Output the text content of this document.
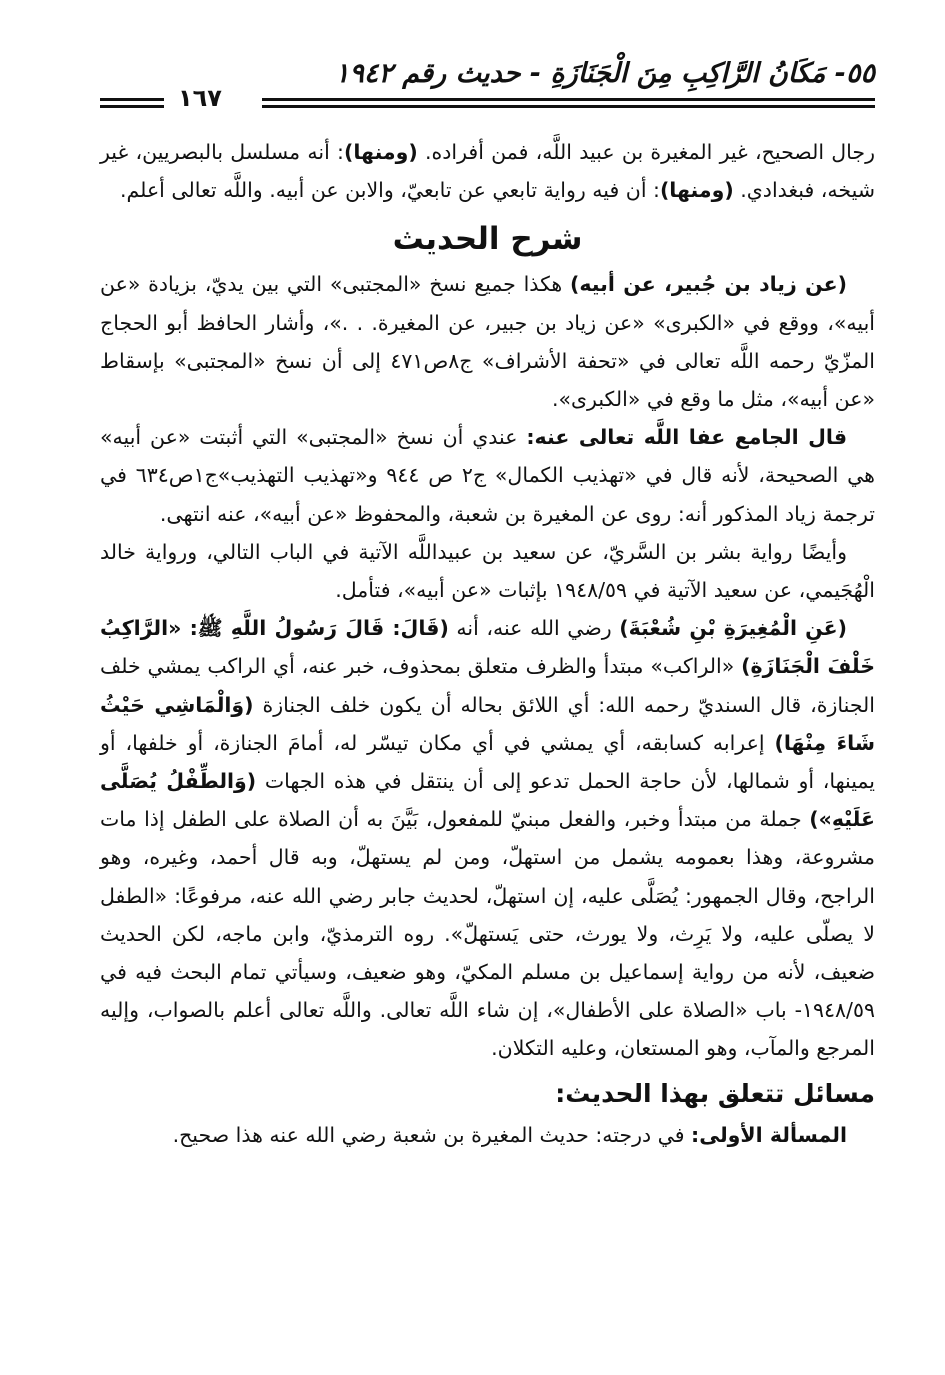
٥٥- مَكَانُ الرَّاكِبِ مِنَ الْجَنَازَةِ - حديث رقم ١٩٤٢
١٦٧

رجال الصحيح، غير المغيرة بن عبيد اللَّه، فمن أفراده. (ومنها): أنه مسلسل بالبصريين، غير شيخه، فبغدادي. (ومنها): أن فيه رواية تابعي عن تابعيّ، والابن عن أبيه. واللَّه تعالى أعلم.

شرح الحديث

(عن زياد بن جُبير، عن أبيه) هكذا جميع نسخ «المجتبى» التي بين يديّ، بزيادة «عن أبيه»، ووقع في «الكبرى» «عن زياد بن جبير، عن المغيرة. . .»، وأشار الحافظ أبو الحجاج المزّيّ رحمه اللَّه تعالى في «تحفة الأشراف» ج٨ص٤٧١ إلى أن نسخ «المجتبى» بإسقاط «عن أبيه»، مثل ما وقع في «الكبرى».

قال الجامع عفا اللَّه تعالى عنه: عندي أن نسخ «المجتبى» التي أثبتت «عن أبيه» هي الصحيحة، لأنه قال في «تهذيب الكمال» ج٢ ص ٩٤٤ و«تهذيب التهذيب»ج١ص٦٣٤ في ترجمة زياد المذكور أنه: روى عن المغيرة بن شعبة، والمحفوظ «عن أبيه»، عنه انتهى.

وأيضًا رواية بشر بن السَّريّ، عن سعيد بن عبيداللَّه الآتية في الباب التالي، ورواية خالد الْهُجَيمي، عن سعيد الآتية في ١٩٤٨/٥٩ بإثبات «عن أبيه»، فتأمل.

(عَنِ الْمُغِيرَةِ بْنِ شُعْبَةَ) رضي الله عنه، أنه (قَالَ: قَالَ رَسُولُ اللَّهِ ﷺ: «الرَّاكِبُ خَلْفَ الْجَنَازَةِ) «الراكب» مبتدأ والظرف متعلق بمحذوف، خبر عنه، أي الراكب يمشي خلف الجنازة، قال السنديّ رحمه الله: أي اللائق بحاله أن يكون خلف الجنازة (وَالْمَاشِي حَيْثُ شَاءَ مِنْهَا) إعرابه كسابقه، أي يمشي في أي مكان تيسّر له، أمامَ الجنازة، أو خلفها، أو يمينها، أو شمالها، لأن حاجة الحمل تدعو إلى أن ينتقل في هذه الجهات (وَالطِّفْلُ يُصَلَّى عَلَيْهِ») جملة من مبتدأ وخبر، والفعل مبنيّ للمفعول، بَيَّنَ به أن الصلاة على الطفل إذا مات مشروعة، وهذا بعمومه يشمل من استهلّ، ومن لم يستهلّ، وبه قال أحمد، وغيره، وهو الراجح، وقال الجمهور: يُصَلَّى عليه، إن استهلّ، لحديث جابر رضي الله عنه، مرفوعًا: «الطفل لا يصلّى عليه، ولا يَرِث، ولا يورث، حتى يَستهلّ». روه الترمذيّ، وابن ماجه، لكن الحديث ضعيف، لأنه من رواية إسماعيل بن مسلم المكيّ، وهو ضعيف، وسيأتي تمام البحث فيه في ١٩٤٨/٥٩- باب «الصلاة على الأطفال»، إن شاء اللَّه تعالى. واللَّه تعالى أعلم بالصواب، وإليه المرجع والمآب، وهو المستعان، وعليه التكلان.

مسائل تتعلق بهذا الحديث:

المسألة الأولى: في درجته: حديث المغيرة بن شعبة رضي الله عنه هذا صحيح.
